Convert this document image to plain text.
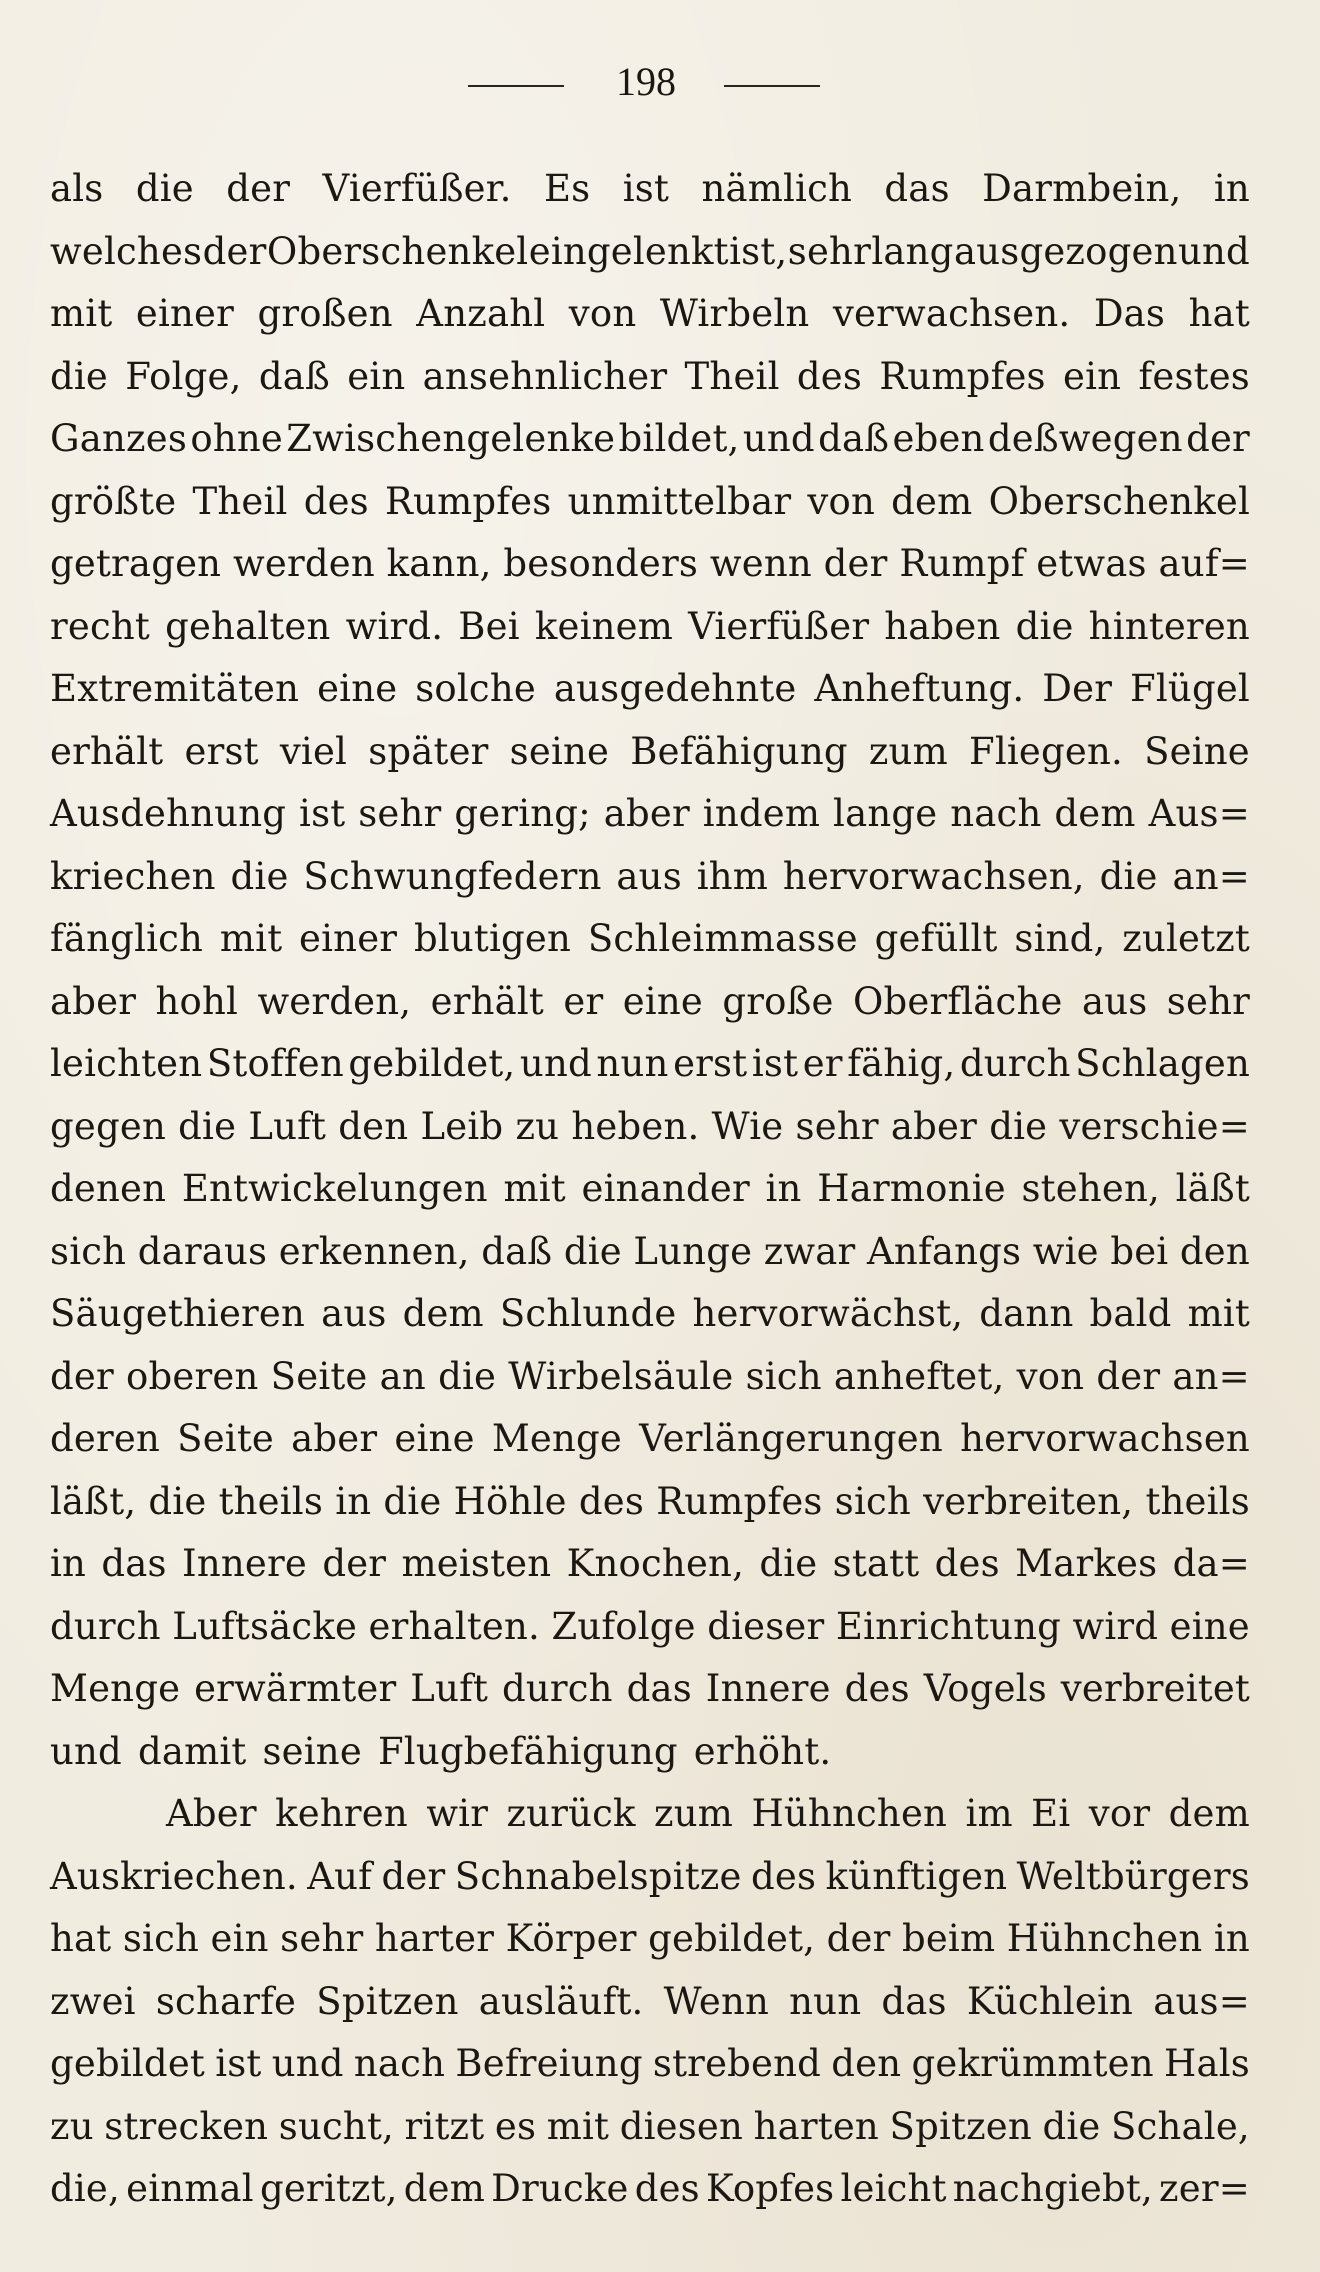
198
als die der Vierfüßer. Es ist nämlich das Darmbein, in
welches der Oberschenkel eingelenkt ist, sehr lang ausgezogen und
mit einer großen Anzahl von Wirbeln verwachsen. Das hat
die Folge, daß ein ansehnlicher Theil des Rumpfes ein festes
Ganzes ohne Zwischengelenke bildet, und daß eben deßwegen der
größte Theil des Rumpfes unmittelbar von dem Oberschenkel
getragen werden kann, besonders wenn der Rumpf etwas auf=
recht gehalten wird. Bei keinem Vierfüßer haben die hinteren
Extremitäten eine solche ausgedehnte Anheftung. Der Flügel
erhält erst viel später seine Befähigung zum Fliegen. Seine
Ausdehnung ist sehr gering; aber indem lange nach dem Aus=
kriechen die Schwungfedern aus ihm hervorwachsen, die an=
fänglich mit einer blutigen Schleimmasse gefüllt sind, zuletzt
aber hohl werden, erhält er eine große Oberfläche aus sehr
leichten Stoffen gebildet, und nun erst ist er fähig, durch Schlagen
gegen die Luft den Leib zu heben. Wie sehr aber die verschie=
denen Entwickelungen mit einander in Harmonie stehen, läßt
sich daraus erkennen, daß die Lunge zwar Anfangs wie bei den
Säugethieren aus dem Schlunde hervorwächst, dann bald mit
der oberen Seite an die Wirbelsäule sich anheftet, von der an=
deren Seite aber eine Menge Verlängerungen hervorwachsen
läßt, die theils in die Höhle des Rumpfes sich verbreiten, theils
in das Innere der meisten Knochen, die statt des Markes da=
durch Luftsäcke erhalten. Zufolge dieser Einrichtung wird eine
Menge erwärmter Luft durch das Innere des Vogels verbreitet
und damit seine Flugbefähigung erhöht.
Aber kehren wir zurück zum Hühnchen im Ei vor dem
Auskriechen. Auf der Schnabelspitze des künftigen Weltbürgers
hat sich ein sehr harter Körper gebildet, der beim Hühnchen in
zwei scharfe Spitzen ausläuft. Wenn nun das Küchlein aus=
gebildet ist und nach Befreiung strebend den gekrümmten Hals
zu strecken sucht, ritzt es mit diesen harten Spitzen die Schale,
die, einmal geritzt, dem Drucke des Kopfes leicht nachgiebt, zer=
